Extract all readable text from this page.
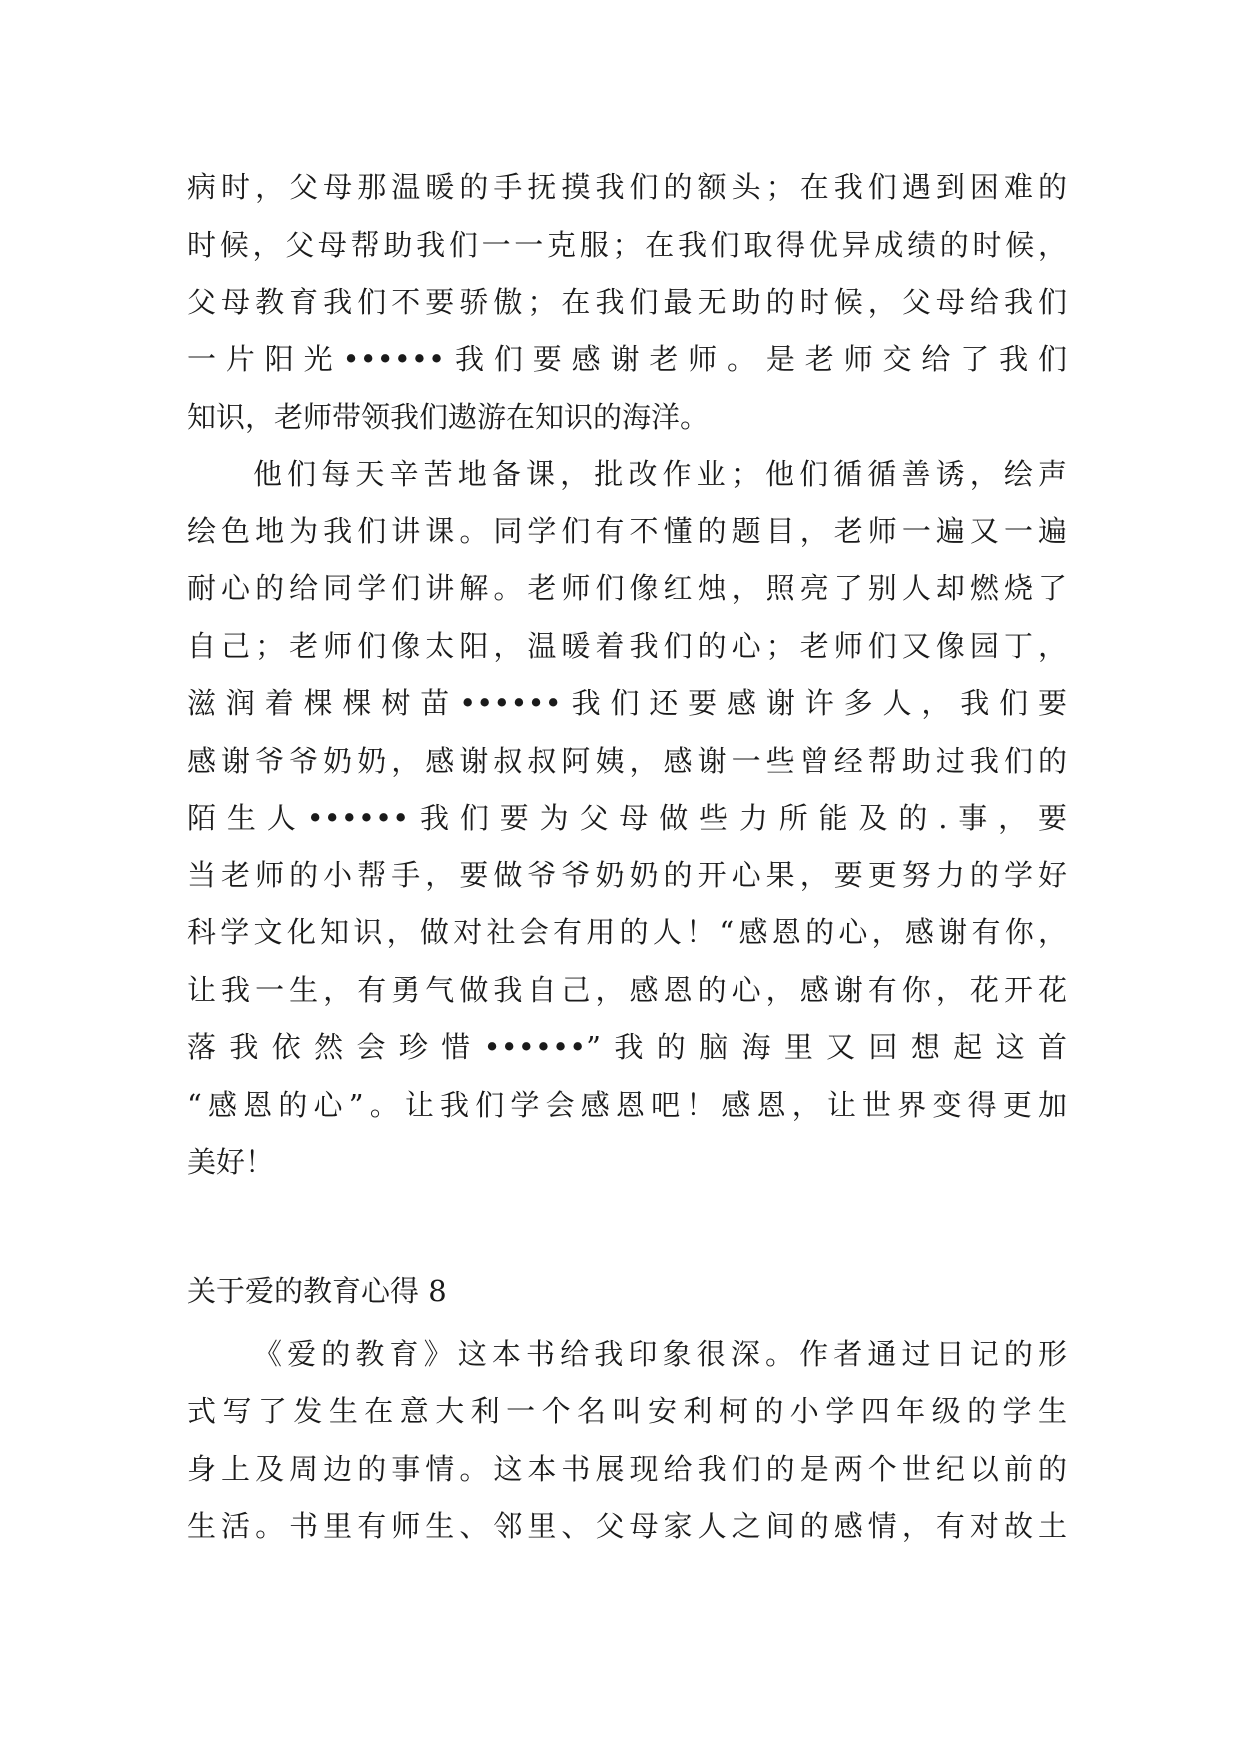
病时，父母那温暖的手抚摸我们的额头；在我们遇到困难的

时候，父母帮助我们一一克服；在我们取得优异成绩的时候，

父母教育我们不要骄傲；在我们最无助的时候，父母给我们

一片阳光••••••我们要感谢老师。是老师交给了我们

知识，老师带领我们遨游在知识的海洋。

他们每天辛苦地备课，批改作业；他们循循善诱，绘声

绘色地为我们讲课。同学们有不懂的题目，老师一遍又一遍

耐心的给同学们讲解。老师们像红烛，照亮了别人却燃烧了

自己；老师们像太阳，温暖着我们的心；老师们又像园丁，

滋润着棵棵树苗••••••我们还要感谢许多人，我们要

感谢爷爷奶奶，感谢叔叔阿姨，感谢一些曾经帮助过我们的

陌生人••••••我们要为父母做些力所能及的.事，要

当老师的小帮手，要做爷爷奶奶的开心果，要更努力的学好

科学文化知识，做对社会有用的人！“感恩的心，感谢有你，

让我一生，有勇气做我自己，感恩的心，感谢有你，花开花

落我依然会珍惜••••••”我的脑海里又回想起这首

“感恩的心”。让我们学会感恩吧！感恩，让世界变得更加

美好！

关于爱的教育心得 8

《爱的教育》这本书给我印象很深。作者通过日记的形

式写了发生在意大利一个名叫安利柯的小学四年级的学生

身上及周边的事情。这本书展现给我们的是两个世纪以前的

生活。书里有师生、邻里、父母家人之间的感情，有对故土
